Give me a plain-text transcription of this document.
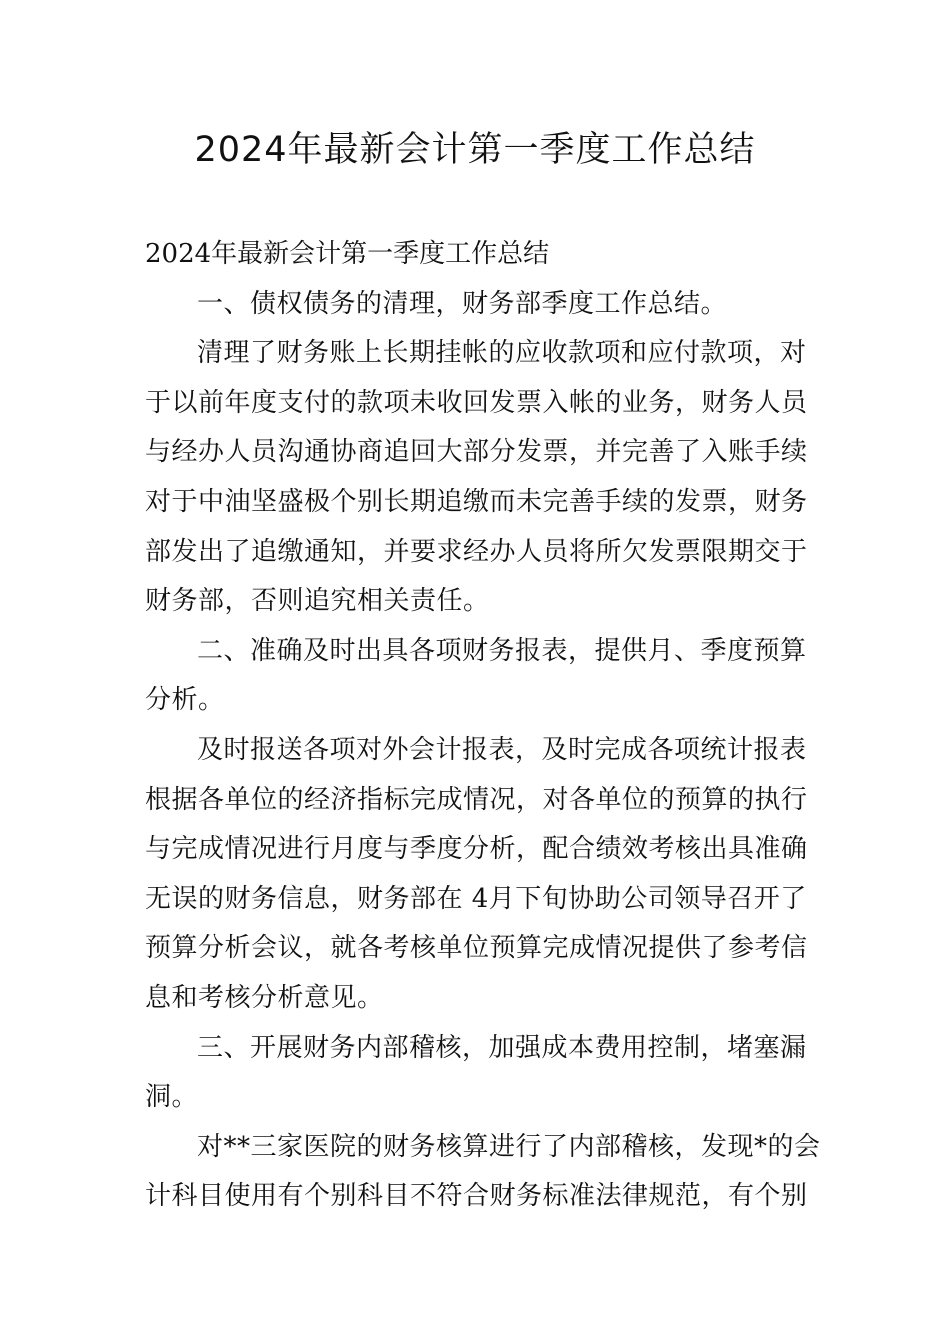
2024年最新会计第一季度工作总结
2024年最新会计第一季度工作总结
一、债权债务的清理，财务部季度工作总结。
清理了财务账上长期挂帐的应收款项和应付款项，对
于以前年度支付的款项未收回发票入帐的业务，财务人员
与经办人员沟通协商追回大部分发票，并完善了入账手续
对于中油坚盛极个别长期追缴而未完善手续的发票，财务
部发出了追缴通知，并要求经办人员将所欠发票限期交于
财务部，否则追究相关责任。
二、准确及时出具各项财务报表，提供月、季度预算
分析。
及时报送各项对外会计报表，及时完成各项统计报表
根据各单位的经济指标完成情况，对各单位的预算的执行
与完成情况进行月度与季度分析，配合绩效考核出具准确
无误的财务信息，财务部在 4月下旬协助公司领导召开了
预算分析会议，就各考核单位预算完成情况提供了参考信
息和考核分析意见。
三、开展财务内部稽核，加强成本费用控制，堵塞漏
洞。
对**三家医院的财务核算进行了内部稽核，发现*的会
计科目使用有个别科目不符合财务标准法律规范，有个别
